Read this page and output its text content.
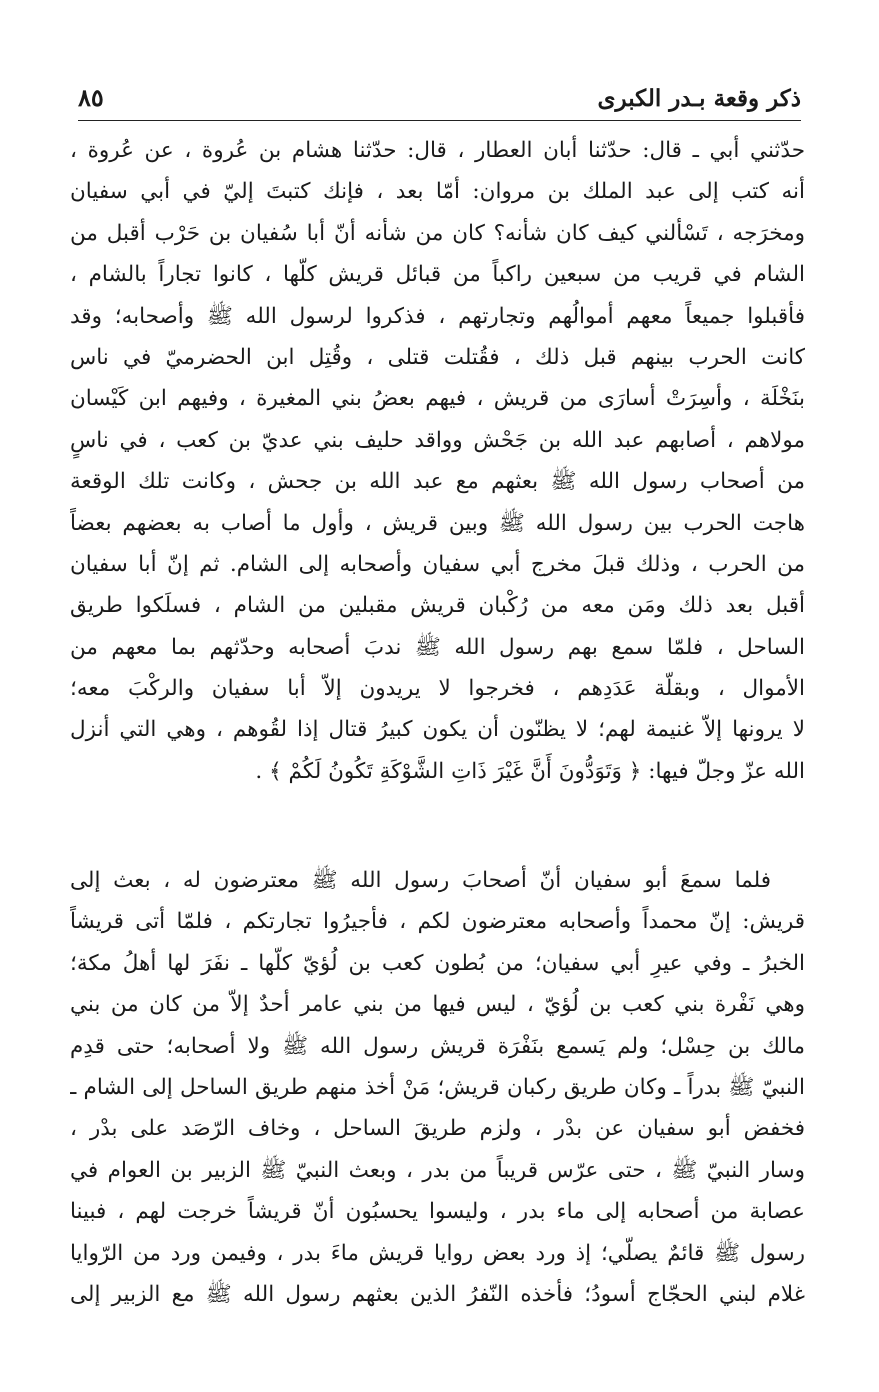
ذكر وقعة بـدر الكبرى
٨٥
حدّثني أبي ـ قال: حدّثنا أبان العطار ، قال: حدّثنا هشام بن عُروة ، عن عُروة ،
أنه كتب إلى عبد الملك بن مروان: أمّا بعد ، فإنك كتبتَ إليّ في أبي سفيان
ومخرَجه ، تَسْألني كيف كان شأنه؟ كان من شأنه أنّ أبا سُفيان بن حَرْب أقبل من
الشام في قريب من سبعين راكباً من قبائل قريش كلّها ، كانوا تجاراً بالشام ،
فأقبلوا جميعاً معهم أموالُهم وتجارتهم ، فذكروا لرسول الله ﷺ وأصحابه؛ وقد
كانت الحرب بينهم قبل ذلك ، فقُتلت قتلى ، وقُتِل ابن الحضرميّ في ناس
بنَخْلَة ، وأسِرَتْ أسارَى من قريش ، فيهم بعضُ بني المغيرة ، وفيهم ابن كَيْسان
مولاهم ، أصابهم عبد الله بن جَحْش وواقد حليف بني عديّ بن كعب ، في ناسٍ
من أصحاب رسول الله ﷺ بعثهم مع عبد الله بن جحش ، وكانت تلك الوقعة
هاجت الحرب بين رسول الله ﷺ وبين قريش ، وأول ما أصاب به بعضهم بعضاً
من الحرب ، وذلك قبلَ مخرج أبي سفيان وأصحابه إلى الشام. ثم إنّ أبا سفيان
أقبل بعد ذلك ومَن معه من رُكْبان قريش مقبلين من الشام ، فسلَكوا طريق
الساحل ، فلمّا سمع بهم رسول الله ﷺ ندبَ أصحابه وحدّثهم بما معهم من
الأموال ، وبقلّة عَدَدِهم ، فخرجوا لا يريدون إلاّ أبا سفيان والركْبَ معه؛
لا يرونها إلاّ غنيمة لهم؛ لا يظنّون أن يكون كبيرُ قتال إذا لقُوهم ، وهي التي أنزل
الله عزّ وجلّ فيها: ﴿ وَتَوَدُّونَ أَنَّ غَيْرَ ذَاتِ الشَّوْكَةِ تَكُونُ لَكُمْ ﴾ .
فلما سمعَ أبو سفيان أنّ أصحابَ رسول الله ﷺ معترضون له ، بعث إلى
قريش: إنّ محمداً وأصحابه معترضون لكم ، فأجيرُوا تجارتكم ، فلمّا أتى قريشاً
الخبرُ ـ وفي عيرِ أبي سفيان؛ من بُطون كعب بن لُؤيّ كلّها ـ نفَرَ لها أهلُ مكة؛
وهي نَفْرة بني كعب بن لُؤيّ ، ليس فيها من بني عامر أحدٌ إلاّ من كان من بني
مالك بن حِسْل؛ ولم يَسمع بنَفْرَة قريش رسول الله ﷺ ولا أصحابه؛ حتى قدِم
النبيّ ﷺ بدراً ـ وكان طريق ركبان قريش؛ مَنْ أخذ منهم طريق الساحل إلى الشام ـ
فخفض أبو سفيان عن بدْر ، ولزم طريقَ الساحل ، وخاف الرّصَد على بدْر ،
وسار النبيّ ﷺ ، حتى عرّس قريباً من بدر ، وبعث النبيّ ﷺ الزبير بن العوام في
عصابة من أصحابه إلى ماء بدر ، وليسوا يحسبُون أنّ قريشاً خرجت لهم ، فبينا
رسول ﷺ قائمٌ يصلّي؛ إذ ورد بعض روايا قريش ماءَ بدر ، وفيمن ورد من الرّوايا
غلام لبني الحجّاج أسودُ؛ فأخذه النّفرُ الذين بعثهم رسول الله ﷺ مع الزبير إلى
